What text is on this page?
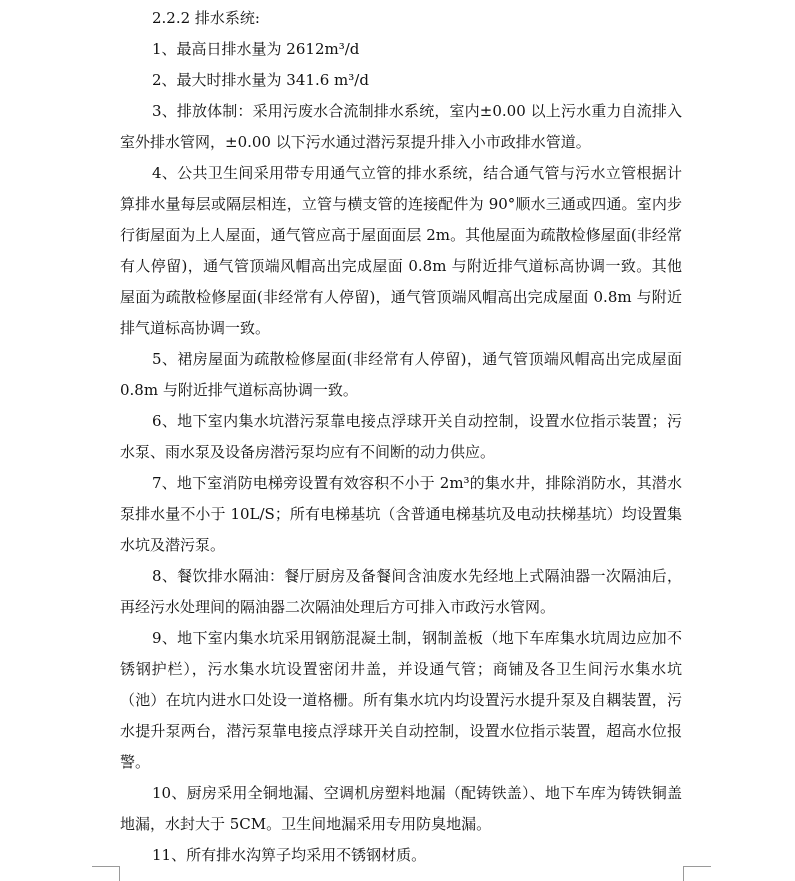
2.2.2 排水系统:

1、最高日排水量为 2612m³/d

2、最大时排水量为 341.6 m³/d

3、排放体制：采用污废水合流制排水系统，室内±0.00 以上污水重力自流排入室外排水管网，±0.00 以下污水通过潜污泵提升排入小市政排水管道。

4、公共卫生间采用带专用通气立管的排水系统，结合通气管与污水立管根据计算排水量每层或隔层相连，立管与横支管的连接配件为 90°顺水三通或四通。室内步行街屋面为上人屋面，通气管应高于屋面面层 2m。其他屋面为疏散检修屋面(非经常有人停留)，通气管顶端风帽高出完成屋面 0.8m 与附近排气道标高协调一致。其他屋面为疏散检修屋面(非经常有人停留)，通气管顶端风帽高出完成屋面 0.8m 与附近排气道标高协调一致。

5、裙房屋面为疏散检修屋面(非经常有人停留)，通气管顶端风帽高出完成屋面 0.8m 与附近排气道标高协调一致。

6、地下室内集水坑潜污泵靠电接点浮球开关自动控制，设置水位指示装置；污水泵、雨水泵及设备房潜污泵均应有不间断的动力供应。

7、地下室消防电梯旁设置有效容积不小于 2m³的集水井，排除消防水，其潜水泵排水量不小于 10L/S；所有电梯基坑（含普通电梯基坑及电动扶梯基坑）均设置集水坑及潜污泵。

8、餐饮排水隔油：餐厅厨房及备餐间含油废水先经地上式隔油器一次隔油后，再经污水处理间的隔油器二次隔油处理后方可排入市政污水管网。

9、地下室内集水坑采用钢筋混凝土制，钢制盖板（地下车库集水坑周边应加不锈钢护栏），污水集水坑设置密闭井盖，并设通气管；商铺及各卫生间污水集水坑（池）在坑内进水口处设一道格栅。所有集水坑内均设置污水提升泵及自耦装置，污水提升泵两台，潜污泵靠电接点浮球开关自动控制，设置水位指示装置，超高水位报警。

10、厨房采用全铜地漏、空调机房塑料地漏（配铸铁盖）、地下车库为铸铁铜盖地漏，水封大于 5CM。卫生间地漏采用专用防臭地漏。

11、所有排水沟箅子均采用不锈钢材质。
